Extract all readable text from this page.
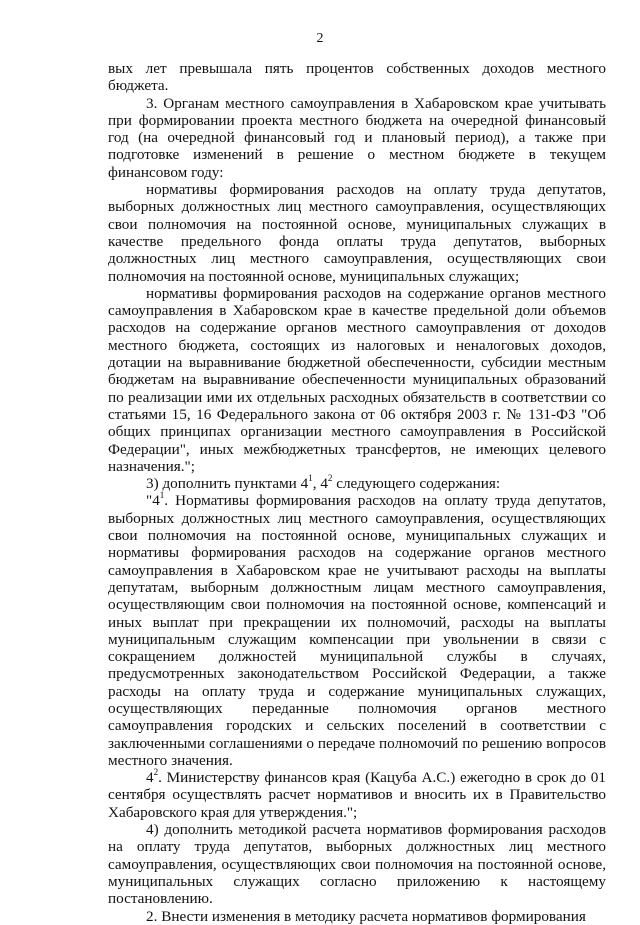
2

вых лет превышала пять процентов собственных доходов местного бюджета.

3. Органам местного самоуправления в Хабаровском крае учитывать при формировании проекта местного бюджета на очередной финансовый год (на очередной финансовый год и плановый период), а также при подготовке изменений в решение о местном бюджете в текущем финансовом году:

нормативы формирования расходов на оплату труда депутатов, выборных должностных лиц местного самоуправления, осуществляющих свои полномочия на постоянной основе, муниципальных служащих в качестве предельного фонда оплаты труда депутатов, выборных должностных лиц местного самоуправления, осуществляющих свои полномочия на постоянной основе, муниципальных служащих;

нормативы формирования расходов на содержание органов местного самоуправления в Хабаровском крае в качестве предельной доли объемов расходов на содержание органов местного самоуправления от доходов местного бюджета, состоящих из налоговых и неналоговых доходов, дотации на выравнивание бюджетной обеспеченности, субсидии местным бюджетам на выравнивание обеспеченности муниципальных образований по реализации ими их отдельных расходных обязательств в соответствии со статьями 15, 16 Федерального закона от 06 октября 2003 г. № 131-ФЗ "Об общих принципах организации местного самоуправления в Российской Федерации", иных межбюджетных трансфертов, не имеющих целевого назначения.";

3) дополнить пунктами $4^1$, $4^2$ следующего содержания:

"$4^1$. Нормативы формирования расходов на оплату труда депутатов, выборных должностных лиц местного самоуправления, осуществляющих свои полномочия на постоянной основе, муниципальных служащих и нормативы формирования расходов на содержание органов местного самоуправления в Хабаровском крае не учитывают расходы на выплаты депутатам, выборным должностным лицам местного самоуправления, осуществляющим свои полномочия на постоянной основе, компенсаций и иных выплат при прекращении их полномочий, расходы на выплаты муниципальным служащим компенсации при увольнении в связи с сокращением должностей муниципальной службы в случаях, предусмотренных законодательством Российской Федерации, а также расходы на оплату труда и содержание муниципальных служащих, осуществляющих переданные полномочия органов местного самоуправления городских и сельских поселений в соответствии с заключенными соглашениями о передаче полномочий по решению вопросов местного значения.

$4^2$. Министерству финансов края (Кацуба А.С.) ежегодно в срок до 01 сентября осуществлять расчет нормативов и вносить их в Правительство Хабаровского края для утверждения.";

4) дополнить методикой расчета нормативов формирования расходов на оплату труда депутатов, выборных должностных лиц местного самоуправления, осуществляющих свои полномочия на постоянной основе, муниципальных служащих согласно приложению к настоящему постановлению.

2. Внести изменения в методику расчета нормативов формирования
